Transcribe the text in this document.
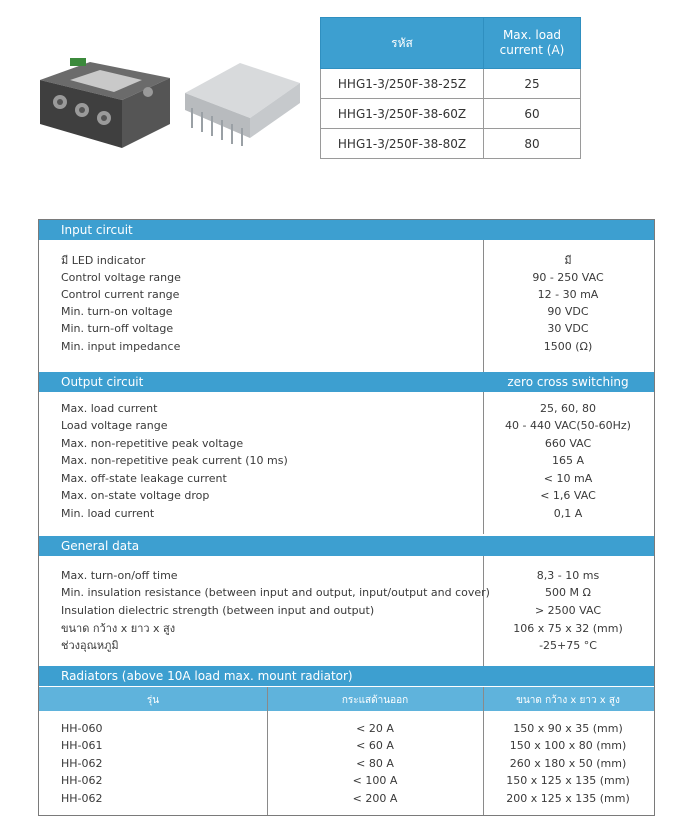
รหัส	Max. load current (A)
HHG1-3/250F-38-25Z	25
HHG1-3/250F-38-60Z	60
HHG1-3/250F-38-80Z	80
Input circuit
มี LED indicator	มี
Control voltage range	90 - 250 VAC
Control current range	12 - 30 mA
Min. turn-on voltage	90 VDC
Min. turn-off voltage	30 VDC
Min. input impedance	1500 (Ω)
Output circuit	zero cross switching
Max. load current	25, 60, 80
Load voltage range	40 - 440 VAC(50-60Hz)
Max. non-repetitive peak voltage	660 VAC
Max. non-repetitive peak current (10 ms)	165 A
Max. off-state leakage current	< 10 mA
Max. on-state voltage drop	< 1,6 VAC
Min. load current	0,1 A
General data
Max. turn-on/off time	8,3 - 10 ms
Min. insulation resistance (between input and output, input/output and cover)	500 M Ω
Insulation dielectric strength (between input and output)	> 2500 VAC
ขนาด กว้าง x ยาว x สูง	106 x 75 x 32 (mm)
ช่วงอุณหภูมิ	-25+75 °C
Radiators (above 10A load max. mount radiator)
รุ่น	กระแสด้านออก	ขนาด กว้าง x ยาว x สูง
HH-060	< 20 A	150 x 90 x 35 (mm)
HH-061	< 60 A	150 x 100 x 80 (mm)
HH-062	< 80 A	260 x 180 x 50 (mm)
HH-062	< 100 A	150 x 125 x 135 (mm)
HH-062	< 200 A	200 x 125 x 135 (mm)
